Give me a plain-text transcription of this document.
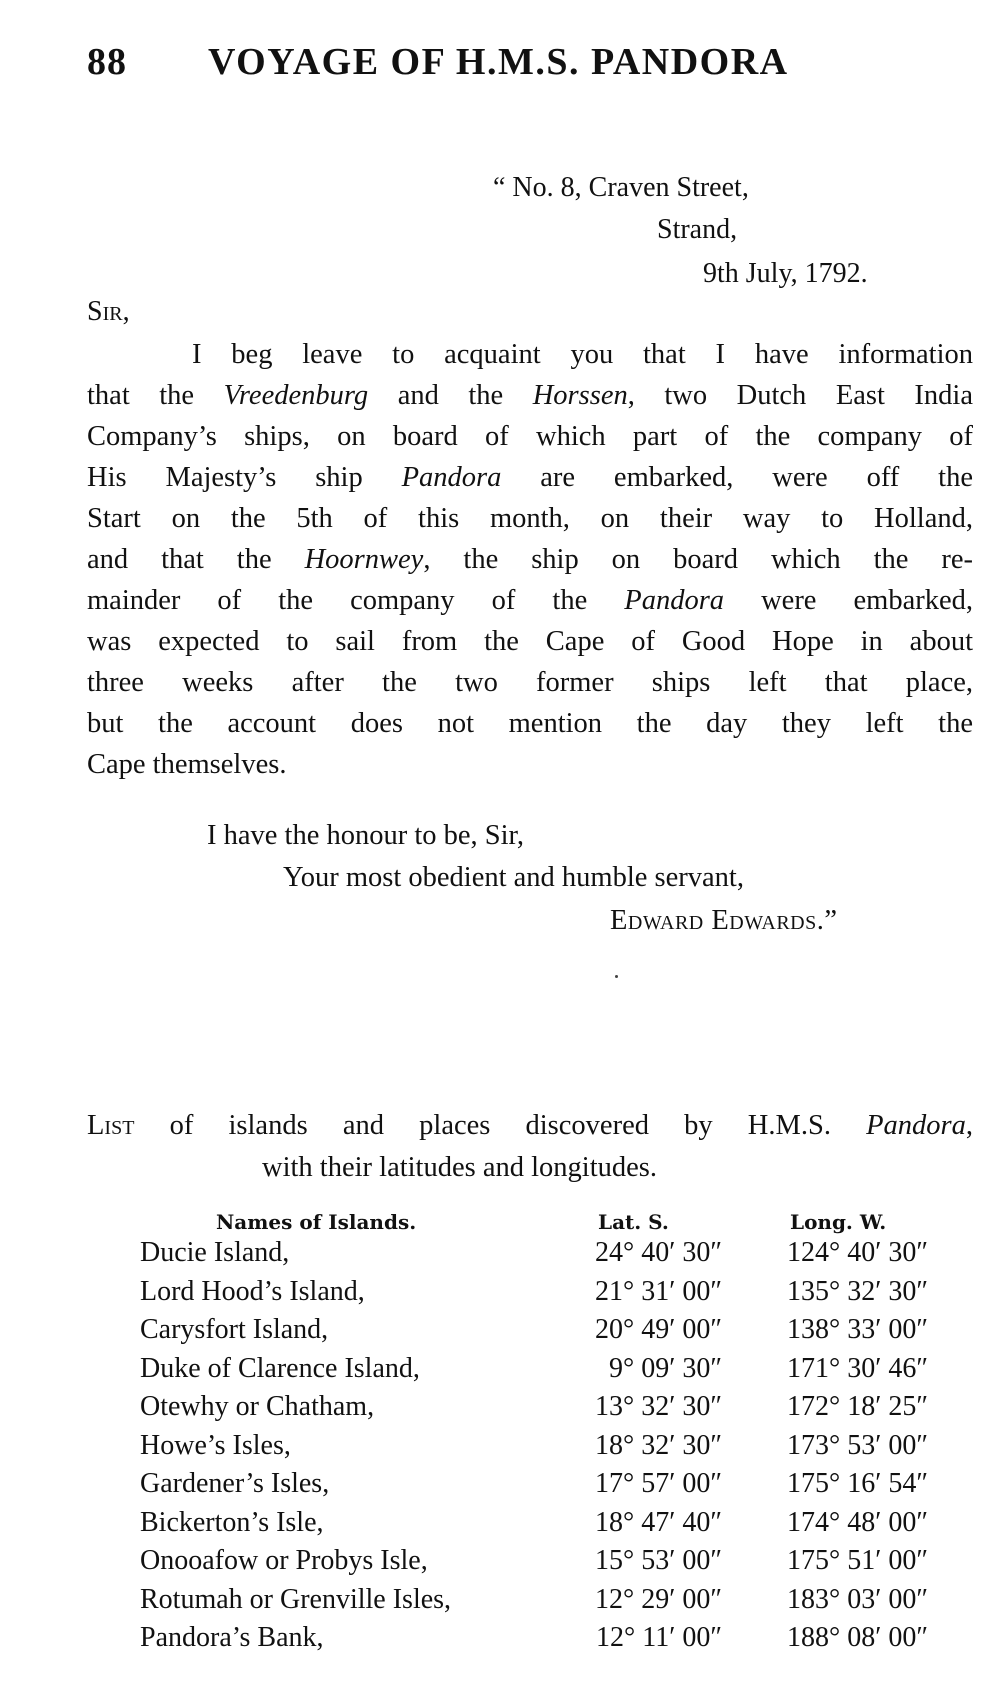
88 VOYAGE OF H.M.S. PANDORA
“ No. 8, Craven Street,
Strand,
9th July, 1792.
Sir,
I beg leave to acquaint you that I have information
that the Vreedenburg and the Horssen, two Dutch East India
Company’s ships, on board of which part of the company of
His Majesty’s ship Pandora are embarked, were off the
Start on the 5th of this month, on their way to Holland,
and that the Hoornwey, the ship on board which the re-
mainder of the company of the Pandora were embarked,
was expected to sail from the Cape of Good Hope in about
three weeks after the two former ships left that place,
but the account does not mention the day they left the
Cape themselves.
I have the honour to be, Sir,
Your most obedient and humble servant,
Edward Edwards.”
List of islands and places discovered by H.M.S. Pandora,
with their latitudes and longitudes.
Names of Islands.	Lat. S.	Long. W.
Ducie Island,	24° 40′ 30″ 124° 40′ 30″
Lord Hood’s Island,	21° 31′ 00″ 135° 32′ 30″
Carysfort Island,	20° 49′ 00″ 138° 33′ 00″
Duke of Clarence Island,	9° 09′ 30″ 171° 30′ 46″
Otewhy or Chatham,	13° 32′ 30″ 172° 18′ 25″
Howe’s Isles,	18° 32′ 30″ 173° 53′ 00″
Gardener’s Isles,	17° 57′ 00″ 175° 16′ 54″
Bickerton’s Isle,	18° 47′ 40″ 174° 48′ 00″
Onooafow or Probys Isle,	15° 53′ 00″ 175° 51′ 00″
Rotumah or Grenville Isles,	12° 29′ 00″ 183° 03′ 00″
Pandora’s Bank,	12° 11′ 00″ 188° 08′ 00″
